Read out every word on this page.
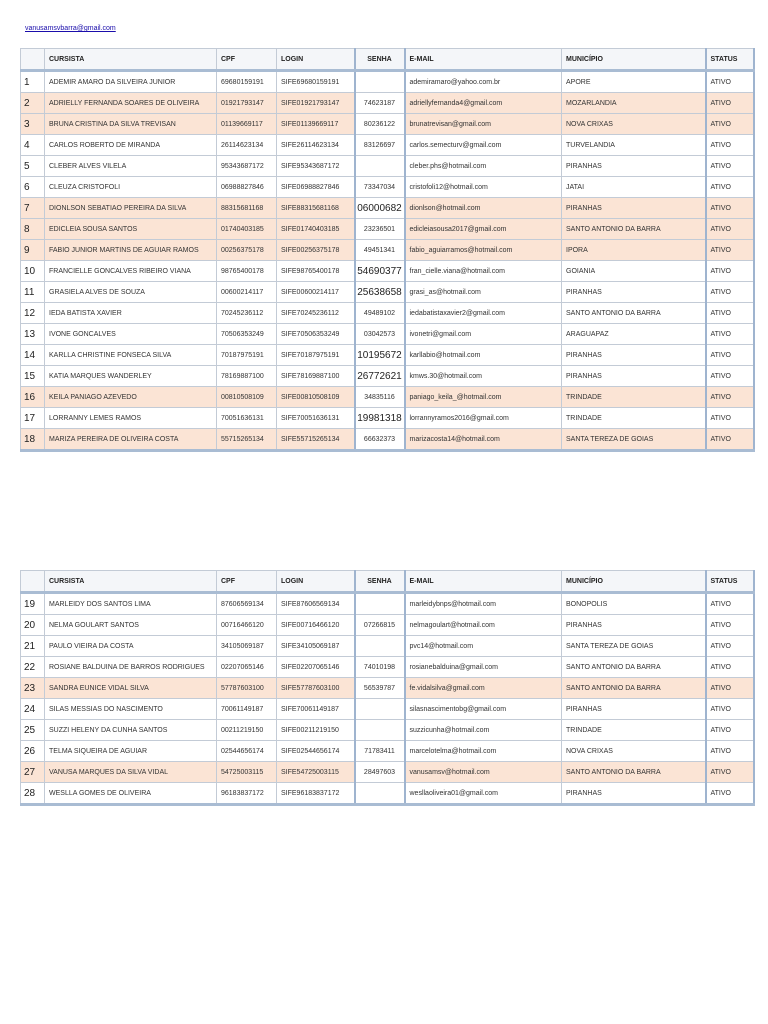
vanusamsvbarra@gmail.com
	CURSISTA	CPF	LOGIN	SENHA	E-MAIL	MUNICÍPIO	STATUS
1	ADEMIR AMARO DA SILVEIRA JUNIOR	69680159191	SIFE69680159191		ademiramaro@yahoo.com.br	APORE	ATIVO
2	ADRIELLY FERNANDA SOARES DE OLIVEIRA	01921793147	SIFE01921793147	74623187	adriellyfernanda4@gmail.com	MOZARLANDIA	ATIVO
3	BRUNA CRISTINA DA SILVA TREVISAN	01139669117	SIFE01139669117	80236122	brunatrevisan@gmail.com	NOVA CRIXAS	ATIVO
4	CARLOS ROBERTO DE MIRANDA	26114623134	SIFE26114623134	83126697	carlos.semecturv@gmail.com	TURVELANDIA	ATIVO
5	CLEBER ALVES VILELA	95343687172	SIFE95343687172		cleber.phs@hotmail.com	PIRANHAS	ATIVO
6	CLEUZA CRISTOFOLI	06988827846	SIFE06988827846	73347034	cristofoli12@hotmail.com	JATAI	ATIVO
7	DIONLSON SEBATIAO PEREIRA DA SILVA	88315681168	SIFE88315681168	06000682	dionlson@hotmail.com	PIRANHAS	ATIVO
8	EDICLEIA SOUSA SANTOS	01740403185	SIFE01740403185	23236501	edicleiasousa2017@gmail.com	SANTO ANTONIO DA BARRA	ATIVO
9	FABIO JUNIOR MARTINS DE AGUIAR RAMOS	00256375178	SIFE00256375178	49451341	fabio_aguiarramos@hotmail.com	IPORA	ATIVO
10	FRANCIELLE GONCALVES RIBEIRO VIANA	98765400178	SIFE98765400178	54690377	fran_cielle.viana@hotmail.com	GOIANIA	ATIVO
11	GRASIELA ALVES DE SOUZA	00600214117	SIFE00600214117	25638658	grasi_as@hotmail.com	PIRANHAS	ATIVO
12	IEDA BATISTA XAVIER	70245236112	SIFE70245236112	49489102	iedabatistaxavier2@gmail.com	SANTO ANTONIO DA BARRA	ATIVO
13	IVONE GONCALVES	70506353249	SIFE70506353249	03042573	ivonetri@gmail.com	ARAGUAPAZ	ATIVO
14	KARLLA CHRISTINE FONSECA SILVA	70187975191	SIFE70187975191	10195672	karllabio@hotmail.com	PIRANHAS	ATIVO
15	KATIA MARQUES WANDERLEY	78169887100	SIFE78169887100	26772621	kmws.30@hotmail.com	PIRANHAS	ATIVO
16	KEILA PANIAGO AZEVEDO	00810508109	SIFE00810508109	34835116	paniago_keila_@hotmail.com	TRINDADE	ATIVO
17	LORRANNY LEMES RAMOS	70051636131	SIFE70051636131	19981318	lorrannyramos2016@gmail.com	TRINDADE	ATIVO
18	MARIZA PEREIRA DE OLIVEIRA COSTA	55715265134	SIFE55715265134	66632373	marizacosta14@hotmail.com	SANTA TEREZA DE GOIAS	ATIVO
	CURSISTA	CPF	LOGIN	SENHA	E-MAIL	MUNICÍPIO	STATUS
19	MARLEIDY DOS SANTOS LIMA	87606569134	SIFE87606569134		marleidybnps@hotmail.com	BONOPOLIS	ATIVO
20	NELMA GOULART SANTOS	00716466120	SIFE00716466120	07266815	nelmagoulart@hotmail.com	PIRANHAS	ATIVO
21	PAULO VIEIRA DA COSTA	34105069187	SIFE34105069187		pvc14@hotmail.com	SANTA TEREZA DE GOIAS	ATIVO
22	ROSIANE BALDUINA DE BARROS RODRIGUES	02207065146	SIFE02207065146	74010198	rosianebalduina@gmail.com	SANTO ANTONIO DA BARRA	ATIVO
23	SANDRA EUNICE VIDAL SILVA	57787603100	SIFE57787603100	56539787	fe.vidalsilva@gmail.com	SANTO ANTONIO DA BARRA	ATIVO
24	SILAS MESSIAS DO NASCIMENTO	70061149187	SIFE70061149187		silasnascimentobg@gmail.com	PIRANHAS	ATIVO
25	SUZZI HELENY DA CUNHA SANTOS	00211219150	SIFE00211219150		suzzicunha@hotmail.com	TRINDADE	ATIVO
26	TELMA SIQUEIRA DE AGUIAR	02544656174	SIFE02544656174	71783411	marcelotelma@hotmail.com	NOVA CRIXAS	ATIVO
27	VANUSA MARQUES DA SILVA VIDAL	54725003115	SIFE54725003115	28497603	vanusamsv@hotmail.com	SANTO ANTONIO DA BARRA	ATIVO
28	WESLLA GOMES DE OLIVEIRA	96183837172	SIFE96183837172		wesllaoliveira01@gmail.com	PIRANHAS	ATIVO
